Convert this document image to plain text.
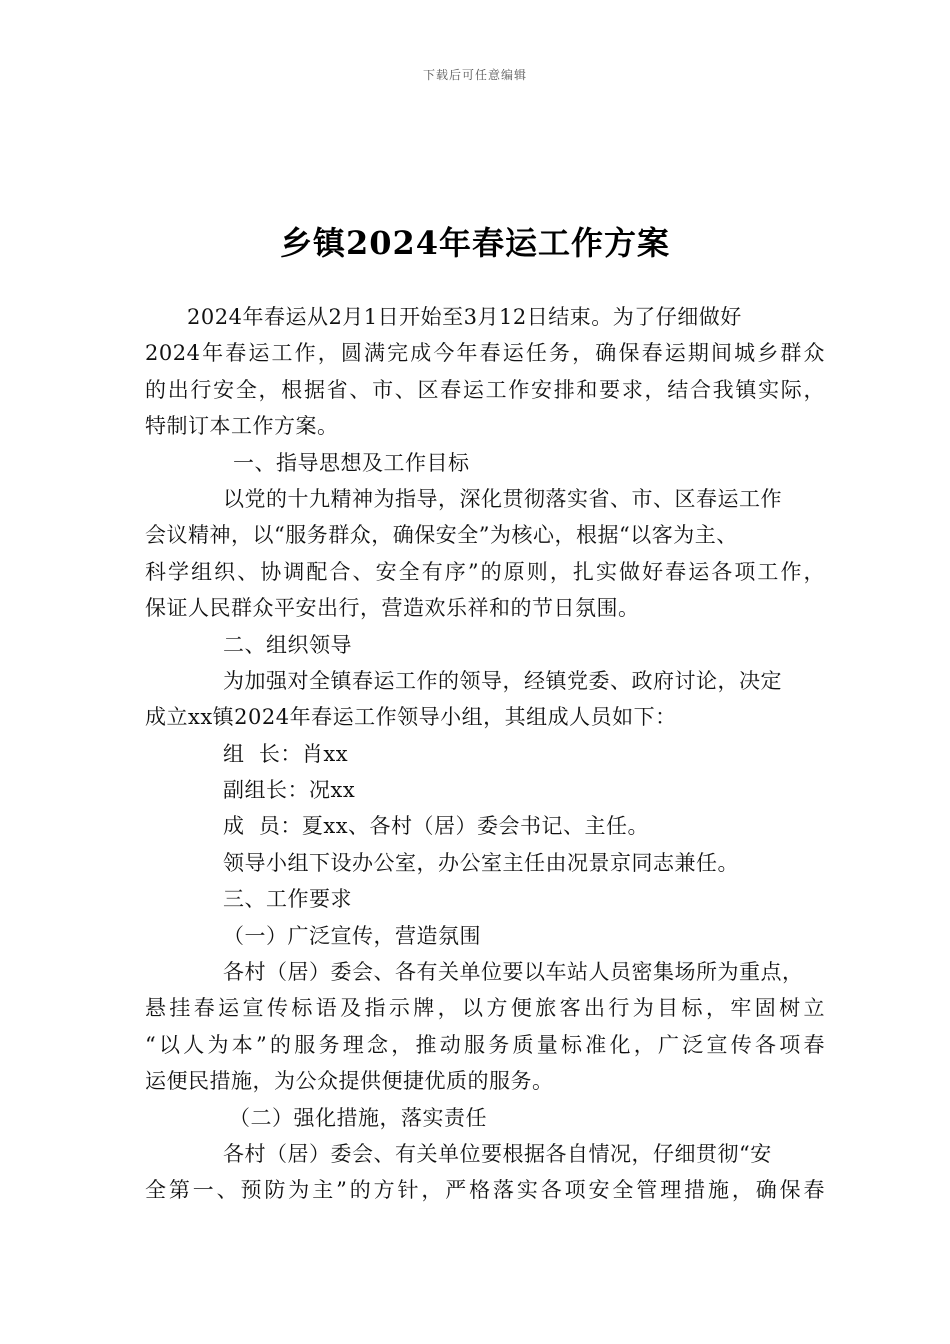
下载后可任意编辑
乡镇2024年春运工作方案
2024年春运从2月1日开始至3月12日结束。为了仔细做好
2024年春运工作，圆满完成今年春运任务，确保春运期间城乡群众
的出行安全，根据省、市、区春运工作安排和要求，结合我镇实际，
特制订本工作方案。
一、指导思想及工作目标
以党的十九精神为指导，深化贯彻落实省、市、区春运工作
会议精神，以“服务群众，确保安全”为核心，根据“以客为主、
科学组织、协调配合、安全有序”的原则，扎实做好春运各项工作，
保证人民群众平安出行，营造欢乐祥和的节日氛围。
二、组织领导
为加强对全镇春运工作的领导，经镇党委、政府讨论，决定
成立xx镇2024年春运工作领导小组，其组成人员如下：
组  长：肖xx
副组长：况xx
成  员：夏xx、各村（居）委会书记、主任。
领导小组下设办公室，办公室主任由况景京同志兼任。
三、工作要求
（一）广泛宣传，营造氛围
各村（居）委会、各有关单位要以车站人员密集场所为重点，
悬挂春运宣传标语及指示牌，以方便旅客出行为目标，牢固树立
“以人为本”的服务理念，推动服务质量标准化，广泛宣传各项春
运便民措施，为公众提供便捷优质的服务。
（二）强化措施，落实责任
各村（居）委会、有关单位要根据各自情况，仔细贯彻“安
全第一、预防为主”的方针，严格落实各项安全管理措施，确保春
